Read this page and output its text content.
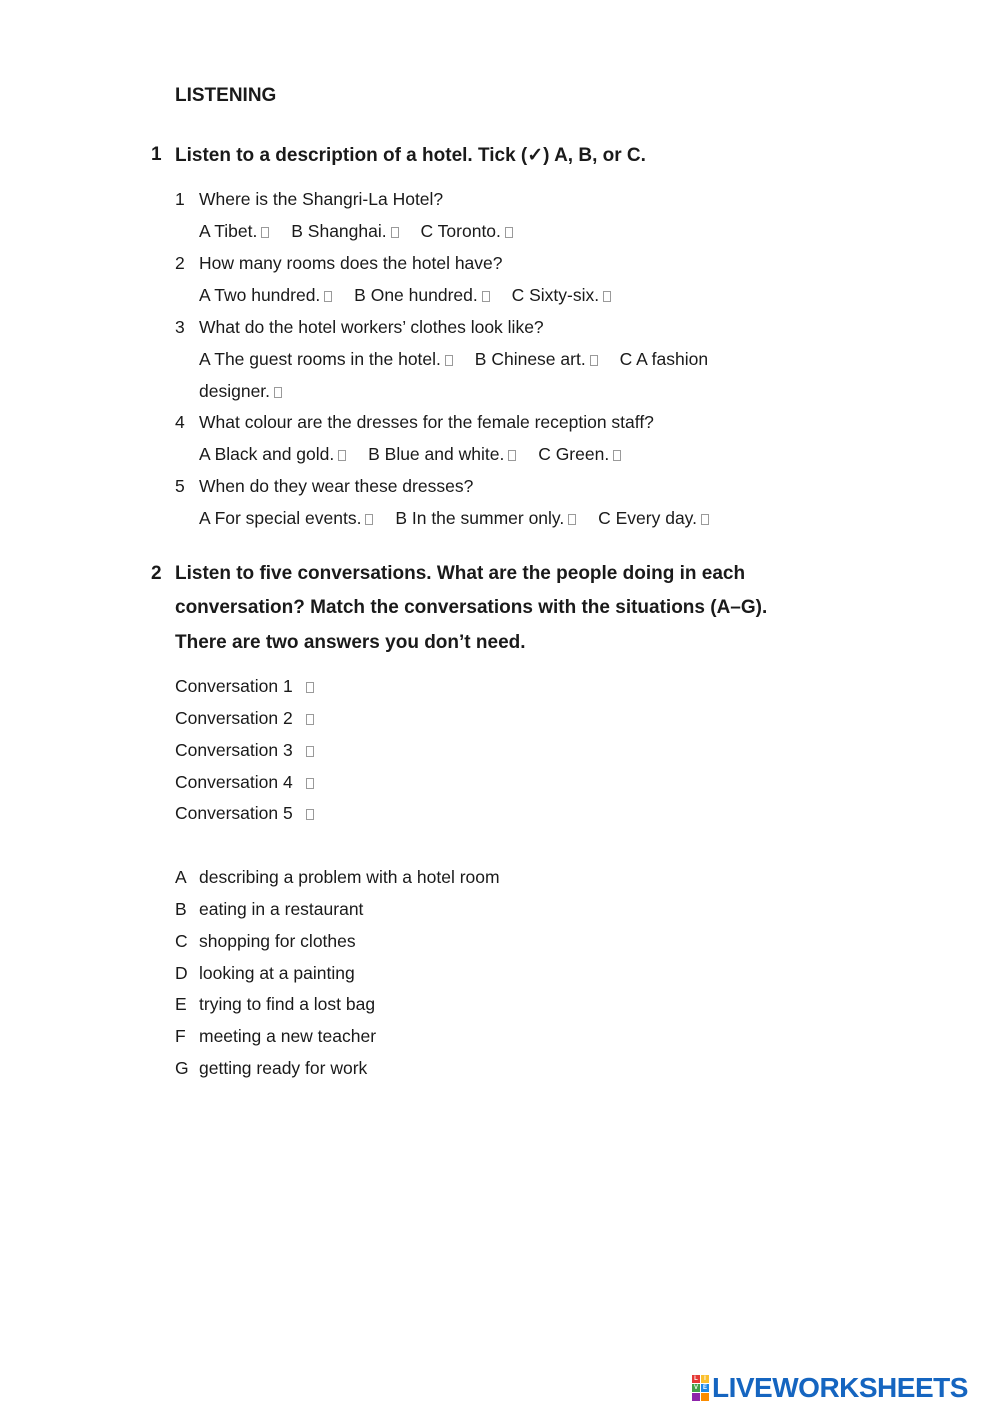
LISTENING
1 Listen to a description of a hotel. Tick (✓) A, B, or C.
1 Where is the Shangri-La Hotel?
A Tibet. B Shanghai. C Toronto.
2 How many rooms does the hotel have?
A Two hundred. B One hundred. C Sixty-six.
3 What do the hotel workers’ clothes look like?
A The guest rooms in the hotel. B Chinese art. C A fashion
designer.
4 What colour are the dresses for the female reception staff?
A Black and gold. B Blue and white. C Green.
5 When do they wear these dresses?
A For special events. B In the summer only. C Every day.
2 Listen to five conversations. What are the people doing in each
conversation? Match the conversations with the situations (A–G).
There are two answers you don’t need.
Conversation 1
Conversation 2
Conversation 3
Conversation 4
Conversation 5
A describing a problem with a hotel room
B eating in a restaurant
C shopping for clothes
D looking at a painting
E trying to find a lost bag
F meeting a new teacher
G getting ready for work
L	I
V E LIVEWORKSHEETS
